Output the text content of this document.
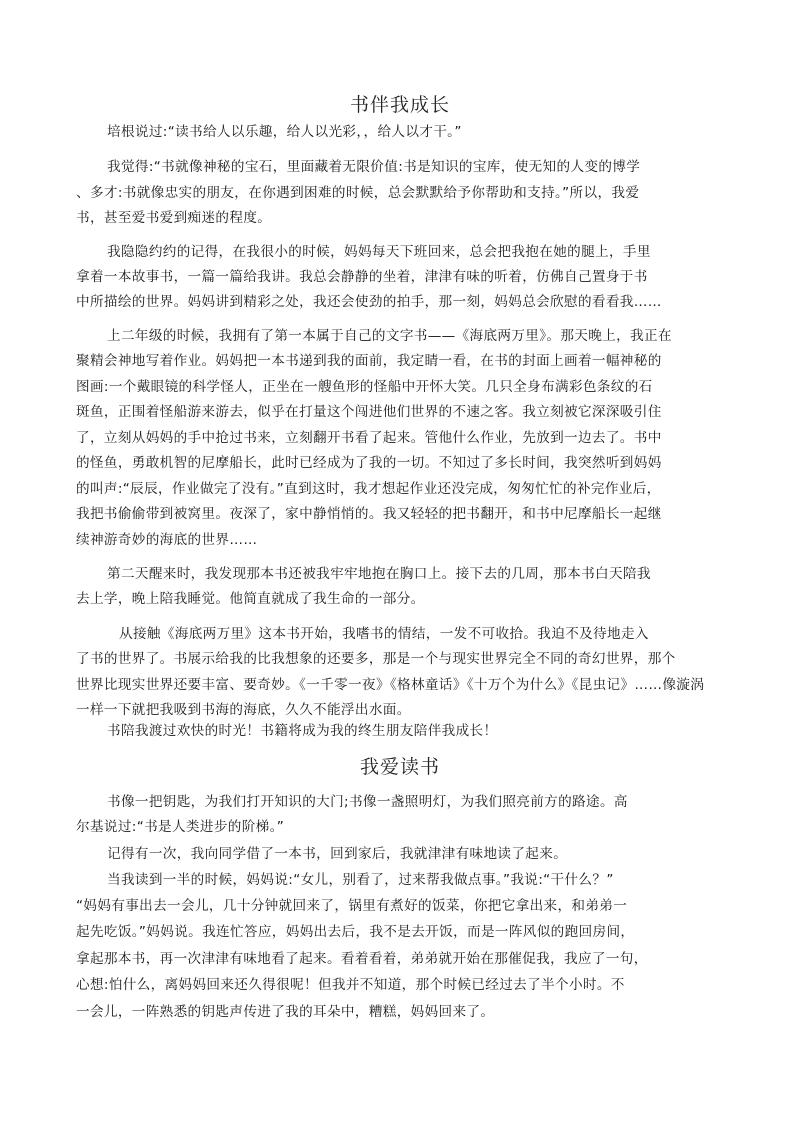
书伴我成长
培根说过:“读书给人以乐趣，给人以光彩，，给人以才干。”
我觉得:“书就像神秘的宝石，里面藏着无限价值:书是知识的宝库，使无知的人变的博学
、多才:书就像忠实的朋友，在你遇到困难的时候，总会默默给予你帮助和支持。”所以，我爱
书，甚至爱书爱到痴迷的程度。
我隐隐约约的记得，在我很小的时候，妈妈每天下班回来，总会把我抱在她的腿上，手里
拿着一本故事书，一篇一篇给我讲。我总会静静的坐着，津津有味的听着，仿佛自己置身于书
中所描绘的世界。妈妈讲到精彩之处，我还会使劲的拍手，那一刻，妈妈总会欣慰的看看我……
上二年级的时候，我拥有了第一本属于自己的文字书——《海底两万里》。那天晚上，我正在
聚精会神地写着作业。妈妈把一本书递到我的面前，我定睛一看，在书的封面上画着一幅神秘的
图画:一个戴眼镜的科学怪人，正坐在一艘鱼形的怪船中开怀大笑。几只全身布满彩色条纹的石
斑鱼，正围着怪船游来游去，似乎在打量这个闯进他们世界的不速之客。我立刻被它深深吸引住
了，立刻从妈妈的手中抢过书来，立刻翻开书看了起来。管他什么作业，先放到一边去了。书中
的怪鱼，勇敢机智的尼摩船长，此时已经成为了我的一切。不知过了多长时间，我突然听到妈妈
的叫声:“辰辰，作业做完了没有。”直到这时，我才想起作业还没完成，匆匆忙忙的补完作业后，
我把书偷偷带到被窝里。夜深了，家中静悄悄的。我又轻轻的把书翻开，和书中尼摩船长一起继
续神游奇妙的海底的世界……
第二天醒来时，我发现那本书还被我牢牢地抱在胸口上。接下去的几周，那本书白天陪我
去上学，晚上陪我睡觉。他简直就成了我生命的一部分。
从接触《海底两万里》这本书开始，我嗜书的情结，一发不可收拾。我迫不及待地走入
了书的世界了。书展示给我的比我想象的还要多，那是一个与现实世界完全不同的奇幻世界，那个
世界比现实世界还要丰富、要奇妙。《一千零一夜》《格林童话》《十万个为什么》《昆虫记》……像漩涡
一样一下就把我吸到书海的海底，久久不能浮出水面。
书陪我渡过欢快的时光！书籍将成为我的终生朋友陪伴我成长！
我爱读书
书像一把钥匙，为我们打开知识的大门;书像一盏照明灯，为我们照亮前方的路途。高
尔基说过:“书是人类进步的阶梯。”
记得有一次，我向同学借了一本书，回到家后，我就津津有味地读了起来。
当我读到一半的时候，妈妈说:“女儿，别看了，过来帮我做点事。”我说:“干什么？”
“妈妈有事出去一会儿，几十分钟就回来了，锅里有煮好的饭菜，你把它拿出来，和弟弟一
起先吃饭。”妈妈说。我连忙答应，妈妈出去后，我不是去开饭，而是一阵风似的跑回房间，
拿起那本书，再一次津津有味地看了起来。看着看着，弟弟就开始在那催促我，我应了一句，
心想:怕什么，离妈妈回来还久得很呢！但我并不知道，那个时候已经过去了半个小时。不
一会儿，一阵熟悉的钥匙声传进了我的耳朵中，糟糕，妈妈回来了。
